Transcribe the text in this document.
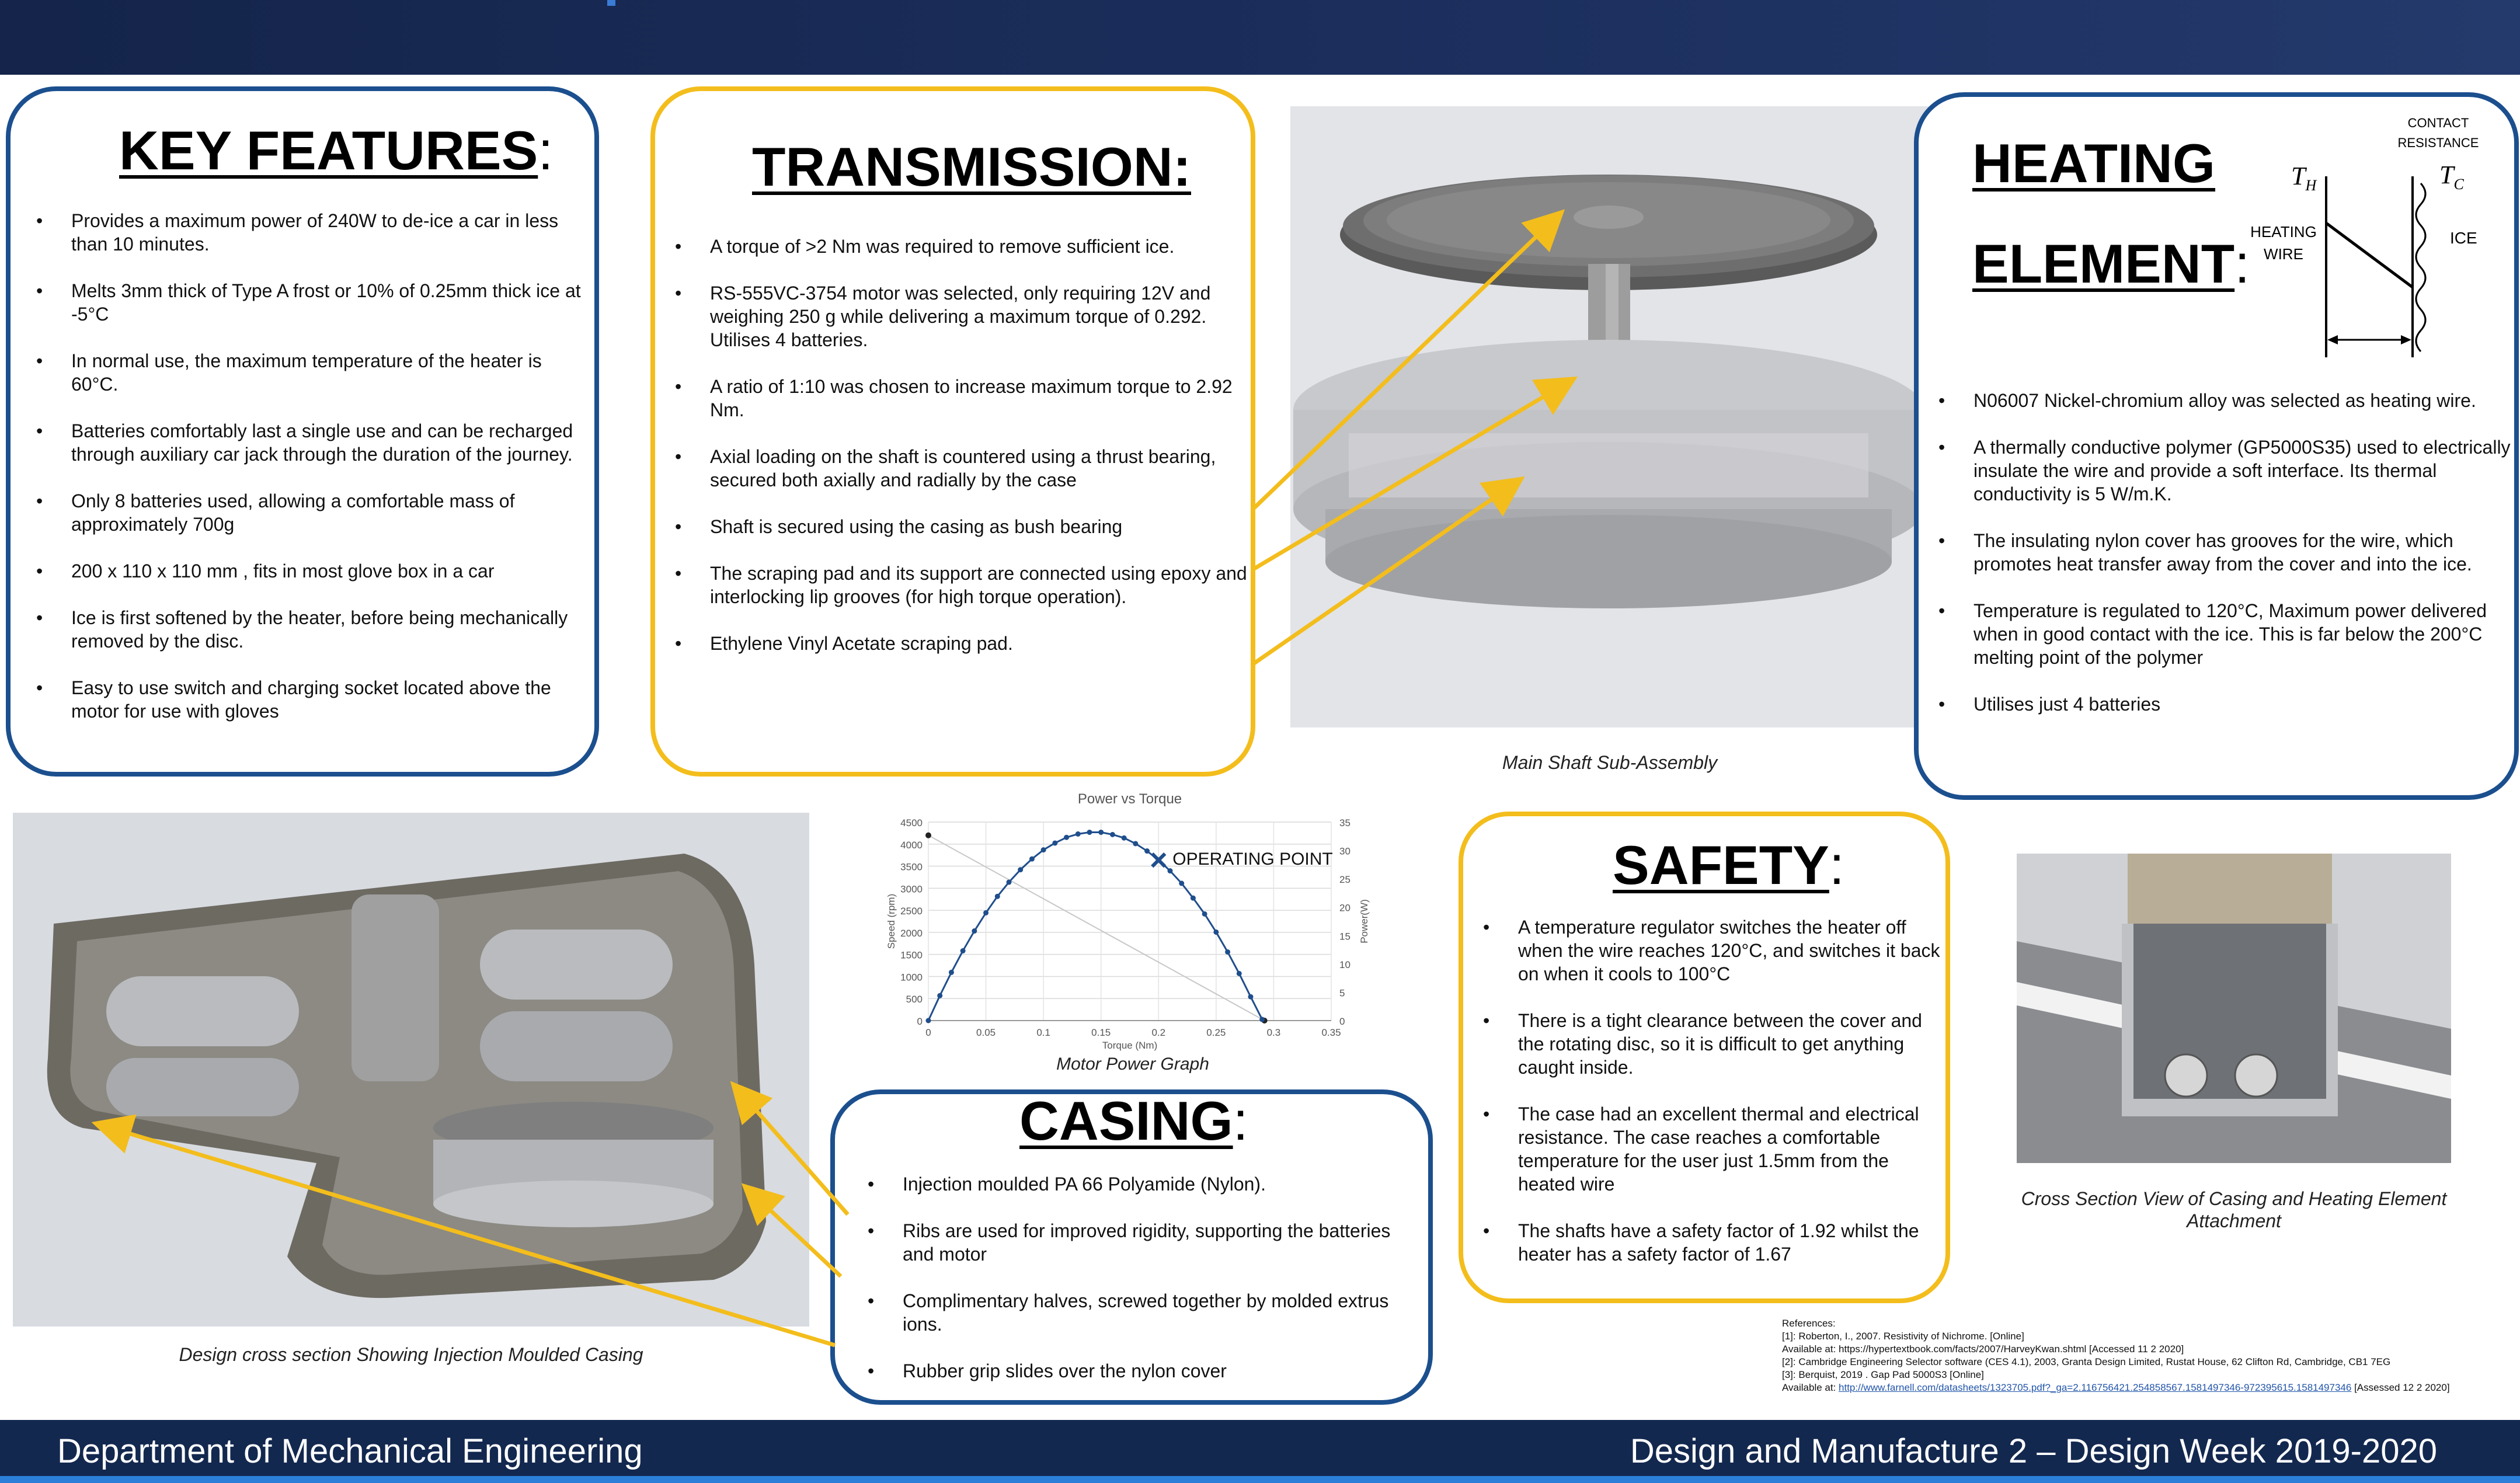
KEY FEATURES:
• Provides a maximum power of 240W to de-ice a car in less than 10 minutes.
• Melts 3mm thick of Type A frost or 10% of 0.25mm thick ice at -5°C
• In normal use, the maximum temperature of the heater is 60°C.
• Batteries comfortably last a single use and can be recharged through auxiliary car jack through the duration of the journey.
• Only 8 batteries used, allowing a comfortable mass of approximately 700g
• 200 x 110 x 110 mm , fits in most glove box in a car
• Ice is first softened by the heater, before being mechanically removed by the disc.
• Easy to use switch and charging socket located above the motor for use with gloves
TRANSMISSION:
• A torque of >2 Nm was required to remove sufficient ice.
• RS-555VC-3754 motor was selected, only requiring 12V and weighing 250 g while delivering a maximum torque of 0.292. Utilises 4 batteries.
• A ratio of 1:10 was chosen to increase maximum torque to 2.92 Nm.
• Axial loading on the shaft is countered using a thrust bearing, secured both axially and radially by the case
• Shaft is secured using the casing as bush bearing
• The scraping pad and its support are connected using epoxy and interlocking lip grooves (for high torque operation).
• Ethylene Vinyl Acetate scraping pad.
Main Shaft Sub-Assembly
HEATING
ELEMENT:
$T_H$	$T_C$
HEATING WIRE
CONTACT RESISTANCE
ICE
• N06007 Nickel-chromium alloy was selected as heating wire.
• A thermally conductive polymer (GP5000S35) used to electrically insulate the wire and provide a soft interface. Its thermal conductivity is 5 W/m.K.
• The insulating nylon cover has grooves for the wire, which promotes heat transfer away from the cover and into the ice.
• Temperature is regulated to 120°C, Maximum power delivered when in good contact with the ice. This is far below the 200°C melting point of the polymer
• Utilises just 4 batteries
Design cross section Showing Injection Moulded Casing
Power vs Torque
0
500
1000
1500
2000
2500
3000
3500
4000
4500
0	0.05	0.1	0.15	0.2	0.25	0.3	0.35
0
5
10
15
20
25
30
35
Torque (Nm)
Speed (rpm)	Power(W)
OPERATING POINT
Motor Power Graph
SAFETY:
• A temperature regulator switches the heater off when the wire reaches 120°C, and switches it back on when it cools to 100°C
• There is a tight clearance between the cover and the rotating disc, so it is difficult to get anything caught inside.
• The case had an excellent thermal and electrical resistance. The case reaches a comfortable temperature for the user just 1.5mm from the heated wire
• The shafts have a safety factor of 1.92 whilst the heater has a safety factor of 1.67
CASING:
• Injection moulded PA 66 Polyamide (Nylon).
• Ribs are used for improved rigidity, supporting the batteries and motor
• Complimentary halves, screwed together by molded extrus ions.
• Rubber grip slides over the nylon cover
Cross Section View of Casing and Heating Element Attachment
References:
[1]: Roberton, I., 2007. Resistivity of Nichrome. [Online]
Available at: https://hypertextbook.com/facts/2007/HarveyKwan.shtml [Accessed 11 2 2020]
[2]: Cambridge Engineering Selector software (CES 4.1), 2003, Granta Design Limited, Rustat House, 62 Clifton Rd, Cambridge, CB1 7EG
[3]: Berquist, 2019 . Gap Pad 5000S3 [Online]
Available at: http://www.farnell.com/datasheets/1323705.pdf?_ga=2.116756421.254858567.1581497346-972395615.1581497346 [Assessed 12 2 2020]
Department of Mechanical Engineering	Design and Manufacture 2 – Design Week 2019-2020
